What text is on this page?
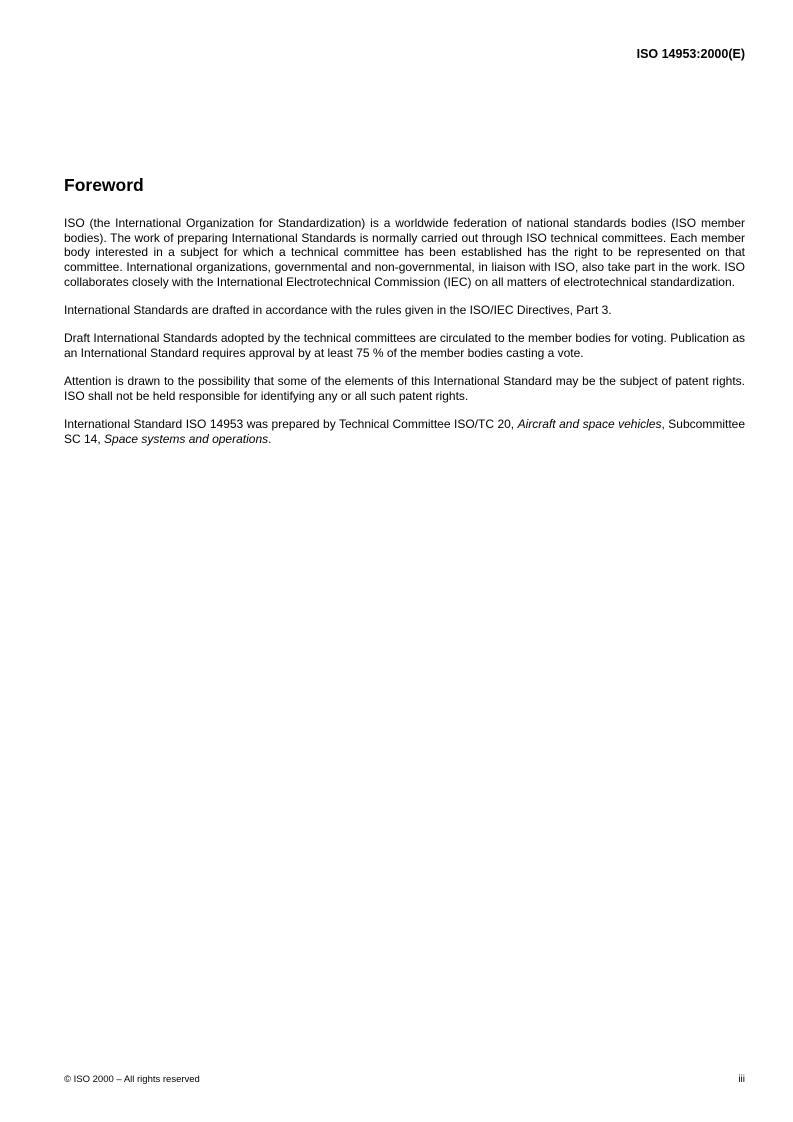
ISO 14953:2000(E)
Foreword

ISO (the International Organization for Standardization) is a worldwide federation of national standards bodies (ISO member bodies). The work of preparing International Standards is normally carried out through ISO technical committees. Each member body interested in a subject for which a technical committee has been established has the right to be represented on that committee. International organizations, governmental and non-governmental, in liaison with ISO, also take part in the work. ISO collaborates closely with the International Electrotechnical Commission (IEC) on all matters of electrotechnical standardization.

International Standards are drafted in accordance with the rules given in the ISO/IEC Directives, Part 3.

Draft International Standards adopted by the technical committees are circulated to the member bodies for voting. Publication as an International Standard requires approval by at least 75 % of the member bodies casting a vote.

Attention is drawn to the possibility that some of the elements of this International Standard may be the subject of patent rights. ISO shall not be held responsible for identifying any or all such patent rights.

International Standard ISO 14953 was prepared by Technical Committee ISO/TC 20, Aircraft and space vehicles, Subcommittee SC 14, Space systems and operations.

© ISO 2000 – All rights reserved	iii
